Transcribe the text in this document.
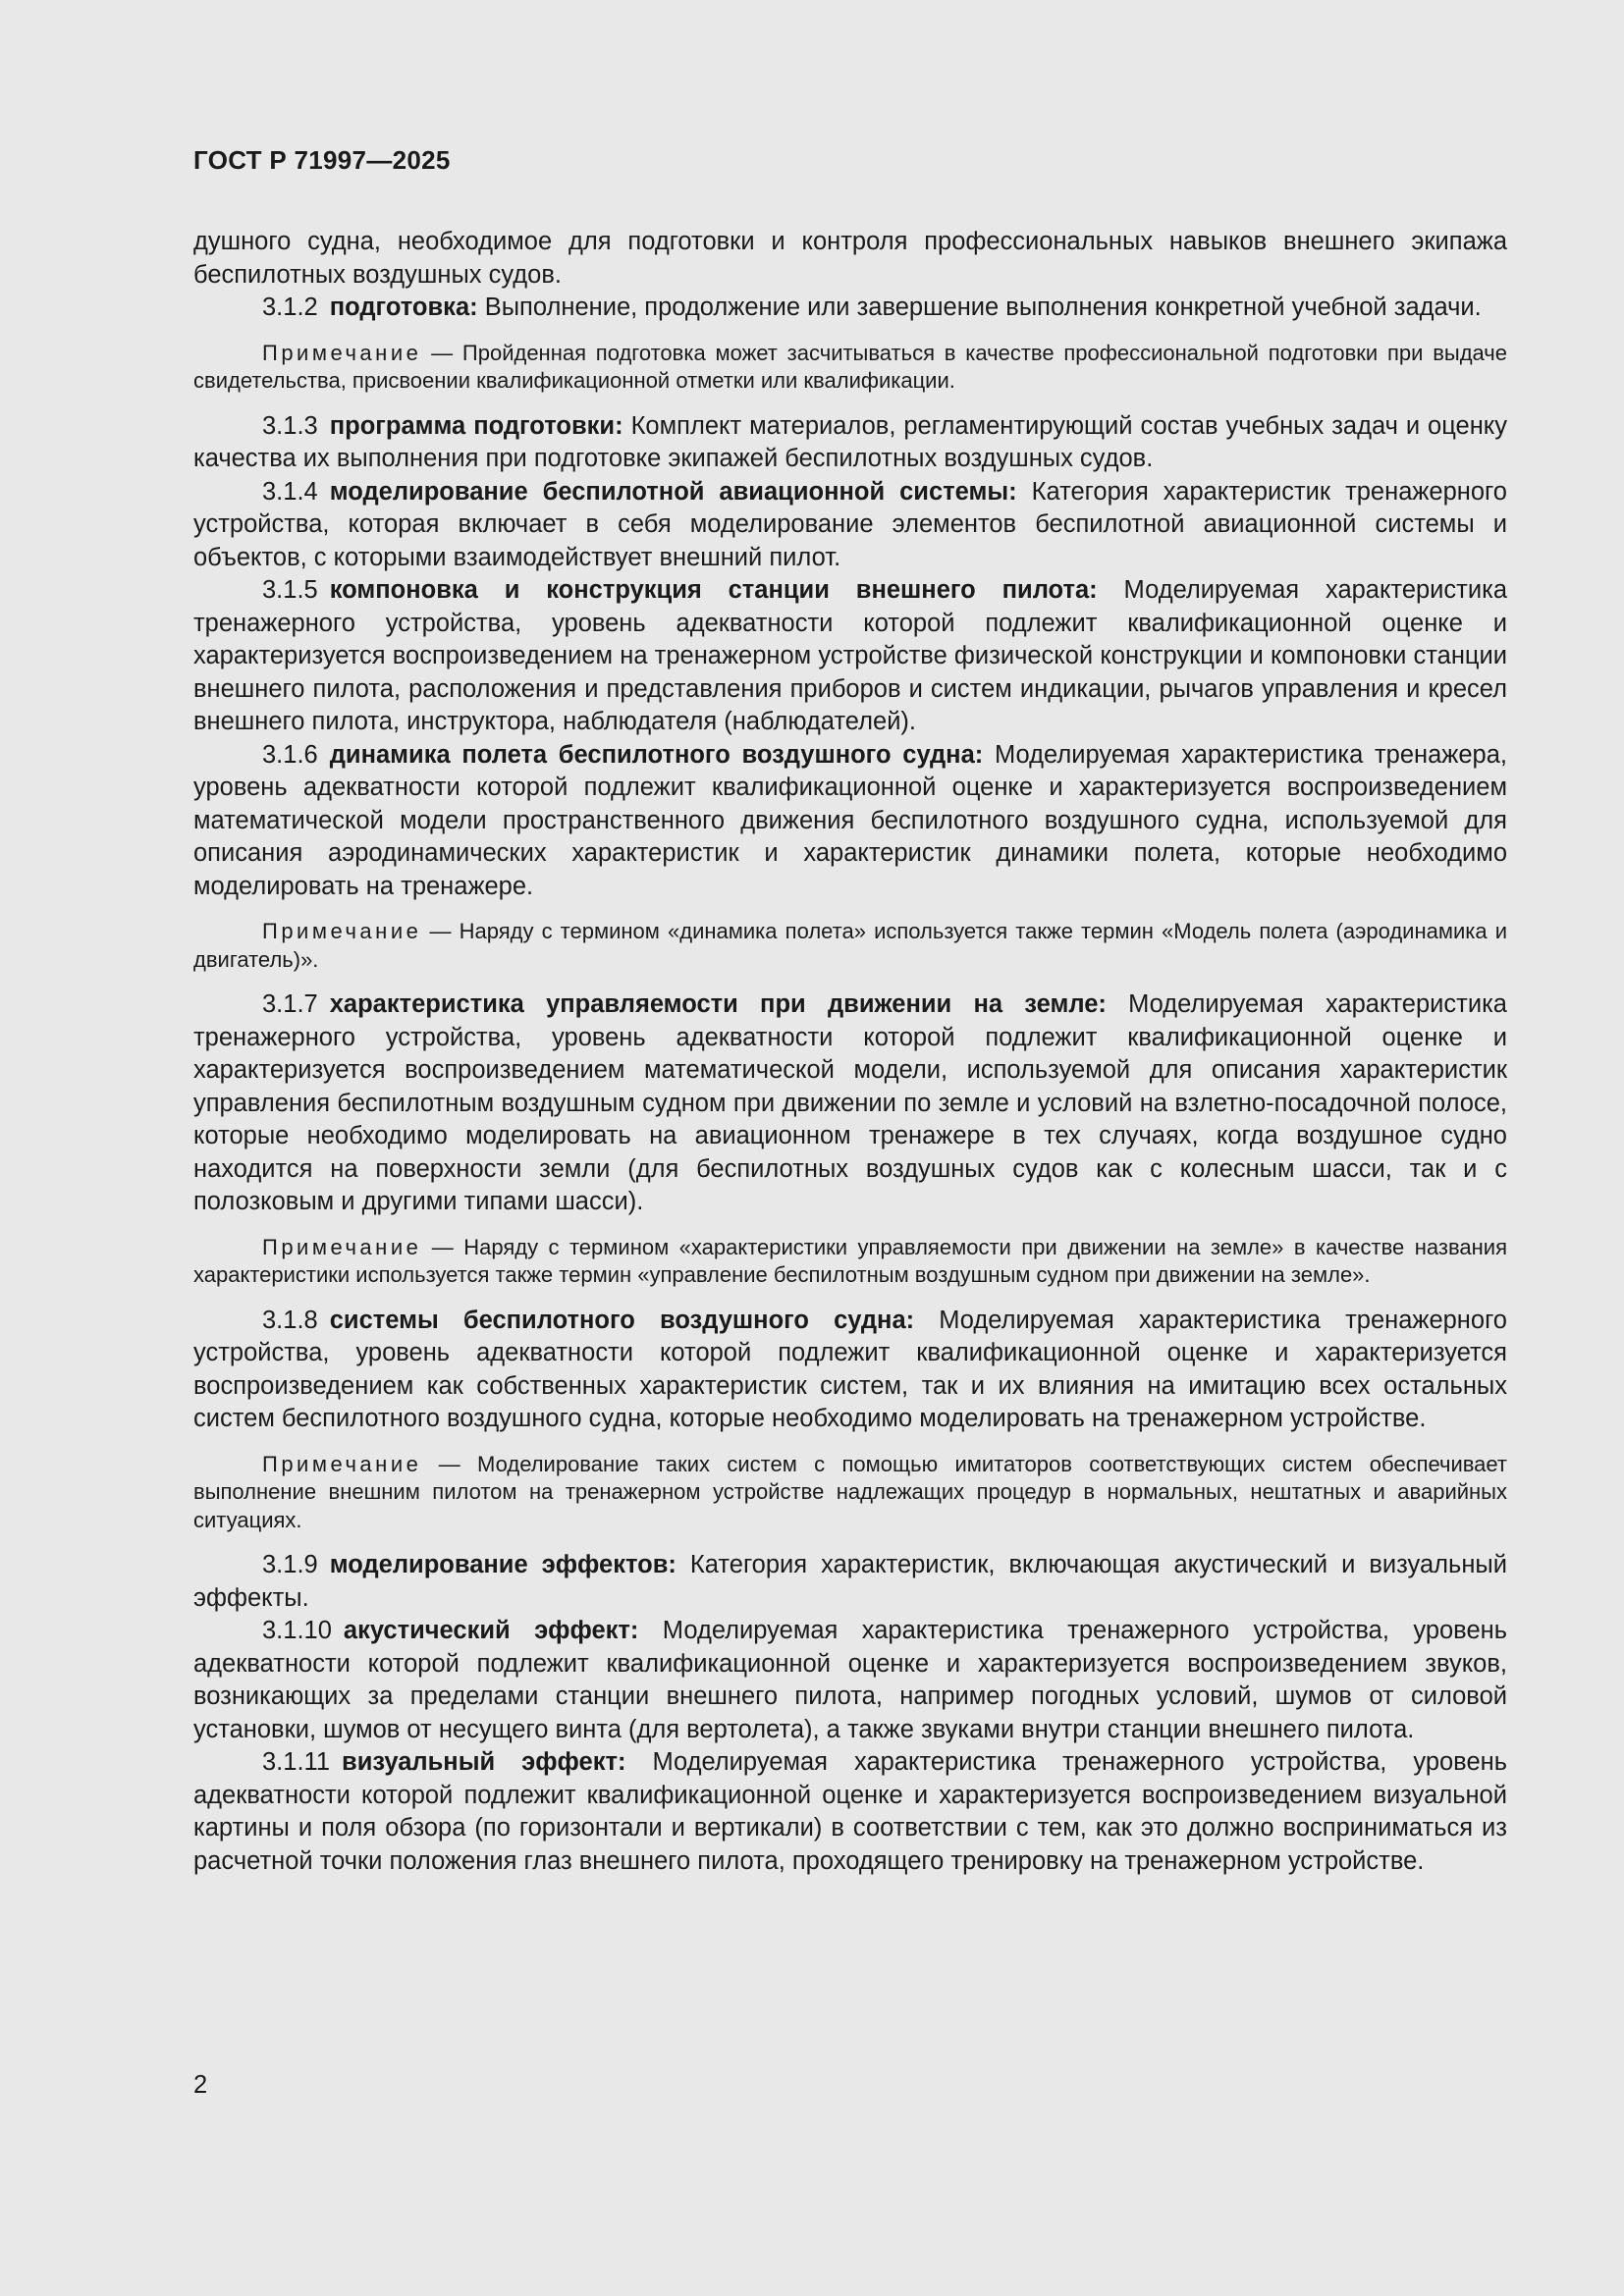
ГОСТ Р 71997—2025

душного судна, необходимое для подготовки и контроля профессиональных навыков внешнего экипажа беспилотных воздушных судов.

3.1.2 подготовка: Выполнение, продолжение или завершение выполнения конкретной учебной задачи.

Примечание — Пройденная подготовка может засчитываться в качестве профессиональной подготовки при выдаче свидетельства, присвоении квалификационной отметки или квалификации.

3.1.3 программа подготовки: Комплект материалов, регламентирующий состав учебных задач и оценку качества их выполнения при подготовке экипажей беспилотных воздушных судов.

3.1.4 моделирование беспилотной авиационной системы: Категория характеристик тренажерного устройства, которая включает в себя моделирование элементов беспилотной авиационной системы и объектов, с которыми взаимодействует внешний пилот.

3.1.5 компоновка и конструкция станции внешнего пилота: Моделируемая характеристика тренажерного устройства, уровень адекватности которой подлежит квалификационной оценке и характеризуется воспроизведением на тренажерном устройстве физической конструкции и компоновки станции внешнего пилота, расположения и представления приборов и систем индикации, рычагов управления и кресел внешнего пилота, инструктора, наблюдателя (наблюдателей).

3.1.6 динамика полета беспилотного воздушного судна: Моделируемая характеристика тренажера, уровень адекватности которой подлежит квалификационной оценке и характеризуется воспроизведением математической модели пространственного движения беспилотного воздушного судна, используемой для описания аэродинамических характеристик и характеристик динамики полета, которые необходимо моделировать на тренажере.

Примечание — Наряду с термином «динамика полета» используется также термин «Модель полета (аэродинамика и двигатель)».

3.1.7 характеристика управляемости при движении на земле: Моделируемая характеристика тренажерного устройства, уровень адекватности которой подлежит квалификационной оценке и характеризуется воспроизведением математической модели, используемой для описания характеристик управления беспилотным воздушным судном при движении по земле и условий на взлетно-посадочной полосе, которые необходимо моделировать на авиационном тренажере в тех случаях, когда воздушное судно находится на поверхности земли (для беспилотных воздушных судов как с колесным шасси, так и с полозковым и другими типами шасси).

Примечание — Наряду с термином «характеристики управляемости при движении на земле» в качестве названия характеристики используется также термин «управление беспилотным воздушным судном при движении на земле».

3.1.8 системы беспилотного воздушного судна: Моделируемая характеристика тренажерного устройства, уровень адекватности которой подлежит квалификационной оценке и характеризуется воспроизведением как собственных характеристик систем, так и их влияния на имитацию всех остальных систем беспилотного воздушного судна, которые необходимо моделировать на тренажерном устройстве.

Примечание — Моделирование таких систем с помощью имитаторов соответствующих систем обеспечивает выполнение внешним пилотом на тренажерном устройстве надлежащих процедур в нормальных, нештатных и аварийных ситуациях.

3.1.9 моделирование эффектов: Категория характеристик, включающая акустический и визуальный эффекты.

3.1.10 акустический эффект: Моделируемая характеристика тренажерного устройства, уровень адекватности которой подлежит квалификационной оценке и характеризуется воспроизведением звуков, возникающих за пределами станции внешнего пилота, например погодных условий, шумов от силовой установки, шумов от несущего винта (для вертолета), а также звуками внутри станции внешнего пилота.

3.1.11 визуальный эффект: Моделируемая характеристика тренажерного устройства, уровень адекватности которой подлежит квалификационной оценке и характеризуется воспроизведением визуальной картины и поля обзора (по горизонтали и вертикали) в соответствии с тем, как это должно восприниматься из расчетной точки положения глаз внешнего пилота, проходящего тренировку на тренажерном устройстве.

2
